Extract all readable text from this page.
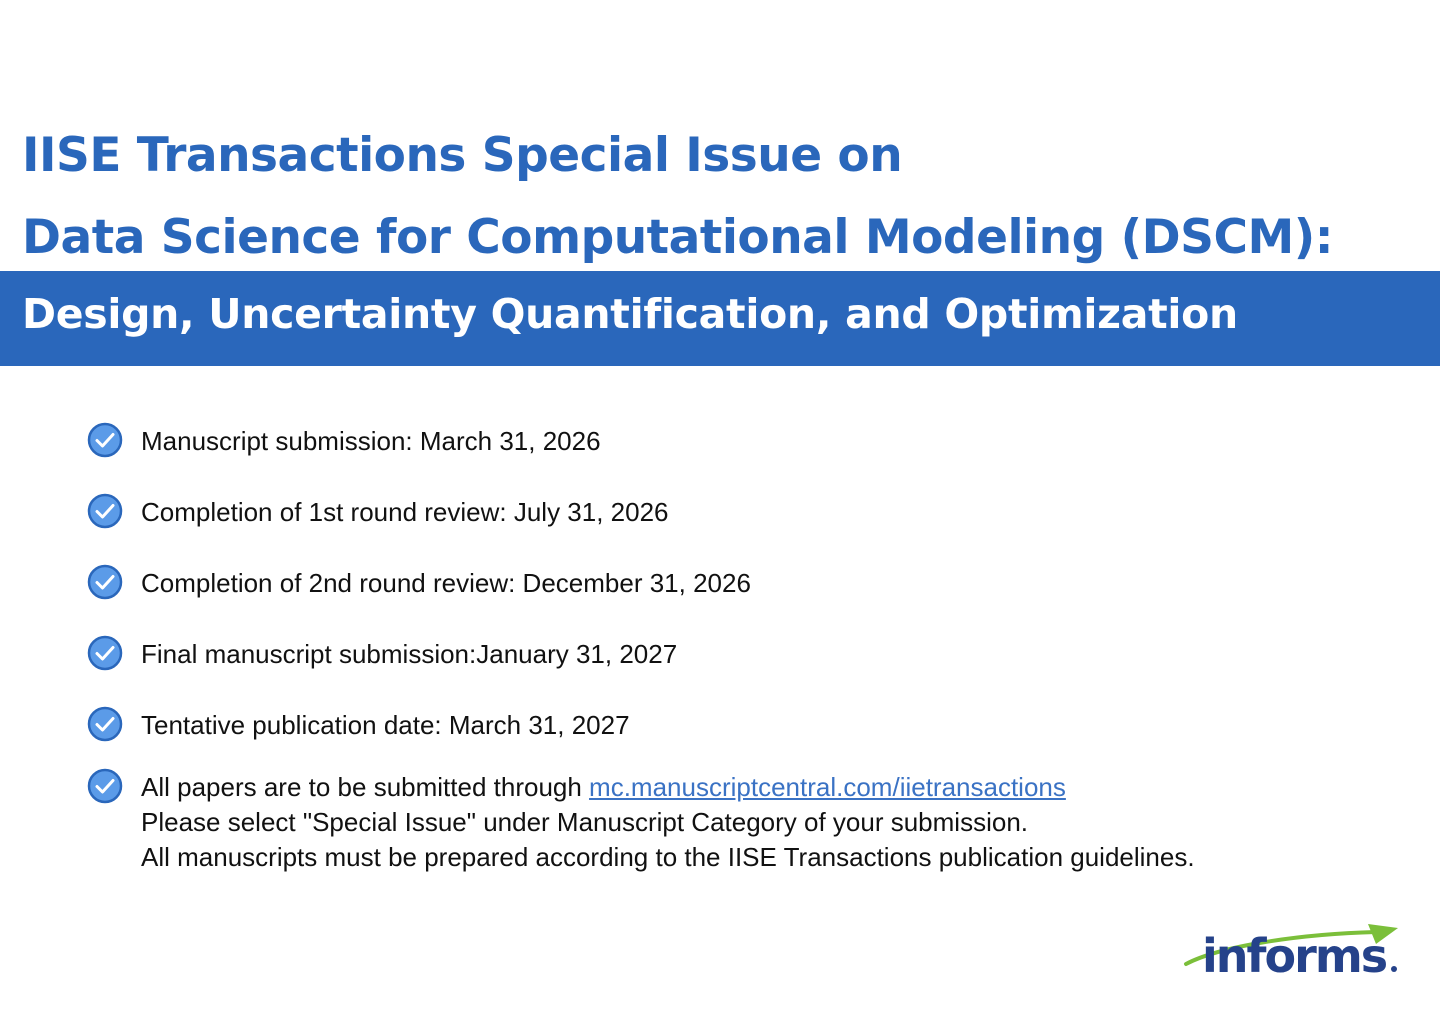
IISE Transactions Special Issue on
Data Science for Computational Modeling (DSCM):
Design, Uncertainty Quantification, and Optimization
Manuscript submission: March 31, 2026
Completion of 1st round review: July 31, 2026
Completion of 2nd round review: December 31, 2026
Final manuscript submission:January 31, 2027
Tentative publication date: March 31, 2027
All papers are to be submitted through mc.manuscriptcentral.com/iietransactions
Please select "Special Issue" under Manuscript Category of your submission.
All manuscripts must be prepared according to the IISE Transactions publication guidelines.
informs
